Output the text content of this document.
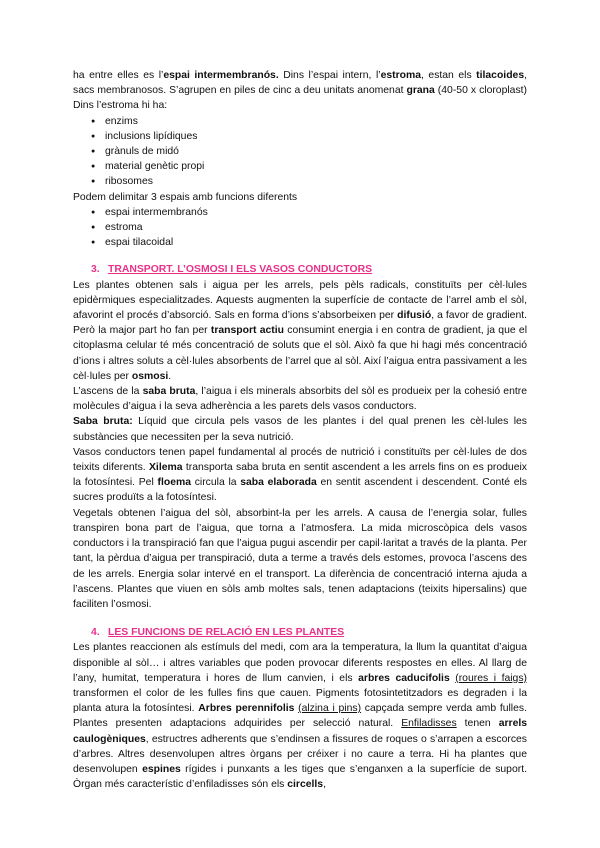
ha entre elles es l’espai intermembranós. Dins l’espai intern, l’estroma, estan els tilacoides, sacs membranosos. S’agrupen en piles de cinc a deu unitats anomenat grana (40-50 x cloroplast) Dins l’estroma hi ha:

● enzims
● inclusions lipídiques
● grànuls de midó
● material genètic propi
● ribosomes

Podem delimitar 3 espais amb funcions diferents

● espai intermembranós
● estroma
● espai tilacoidal
3. TRANSPORT. L’OSMOSI I ELS VASOS CONDUCTORS

Les plantes obtenen sals i aigua per les arrels, pels pèls radicals, constituïts per cèl·lules epidèrmiques especialitzades. Aquests augmenten la superfície de contacte de l’arrel amb el sòl, afavorint el procés d’absorció. Sals en forma d’ions s’absorbeixen per difusió, a favor de gradient. Però la major part ho fan per transport actiu consumint energia i en contra de gradient, ja que el citoplasma celular té més concentració de soluts que el sòl. Això fa que hi hagi més concentració d’ions i altres soluts a cèl·lules absorbents de l’arrel que al sòl. Així l’aigua entra passivament a les cèl·lules per osmosi.

L’ascens de la saba bruta, l’aigua i els minerals absorbits del sòl es produeix per la cohesió entre molècules d’aigua i la seva adherència a les parets dels vasos conductors.

Saba bruta: Líquid que circula pels vasos de les plantes i del qual prenen les cèl·lules les substàncies que necessiten per la seva nutrició.

Vasos conductors tenen papel fundamental al procés de nutrició i constituïts per cèl·lules de dos teixits diferents. Xilema transporta saba bruta en sentit ascendent a les arrels fins on es produeix la fotosíntesi. Pel floema circula la saba elaborada en sentit ascendent i descendent. Conté els sucres produïts a la fotosíntesi.

Vegetals obtenen l’aigua del sòl, absorbint-la per les arrels. A causa de l’energia solar, fulles transpiren bona part de l’aigua, que torna a l’atmosfera. La mida microscòpica dels vasos conductors i la transpiració fan que l’aigua pugui ascendir per capil·laritat a través de la planta. Per tant, la pèrdua d’aigua per transpiració, duta a terme a través dels estomes, provoca l’ascens des de les arrels. Energia solar intervé en el transport. La diferència de concentració interna ajuda a l’ascens. Plantes que viuen en sòls amb moltes sals, tenen adaptacions (teixits hipersalins) que faciliten l’osmosi.

4. LES FUNCIONS DE RELACIÓ EN LES PLANTES

Les plantes reaccionen als estímuls del medi, com ara la temperatura, la llum la quantitat d’aigua disponible al sòl… i altres variables que poden provocar diferents respostes en elles. Al llarg de l’any, humitat, temperatura i hores de llum canvien, i els arbres caducifolis (roures i faigs) transformen el color de les fulles fins que cauen. Pigments fotosintetitzadors es degraden i la planta atura la fotosíntesi. Arbres perennifolis (alzina i pins) capçada sempre verda amb fulles. Plantes presenten adaptacions adquirides per selecció natural. Enfiladisses tenen arrels caulogèniques, estructres adherents que s’endinsen a fissures de roques o s’arrapen a escorces d’arbres. Altres desenvolupen altres òrgans per créixer i no caure a terra. Hi ha plantes que desenvolupen espines rígides i punxants a les tiges que s’enganxen a la superfície de suport. Òrgan més característic d’enfiladisses són els circells,
